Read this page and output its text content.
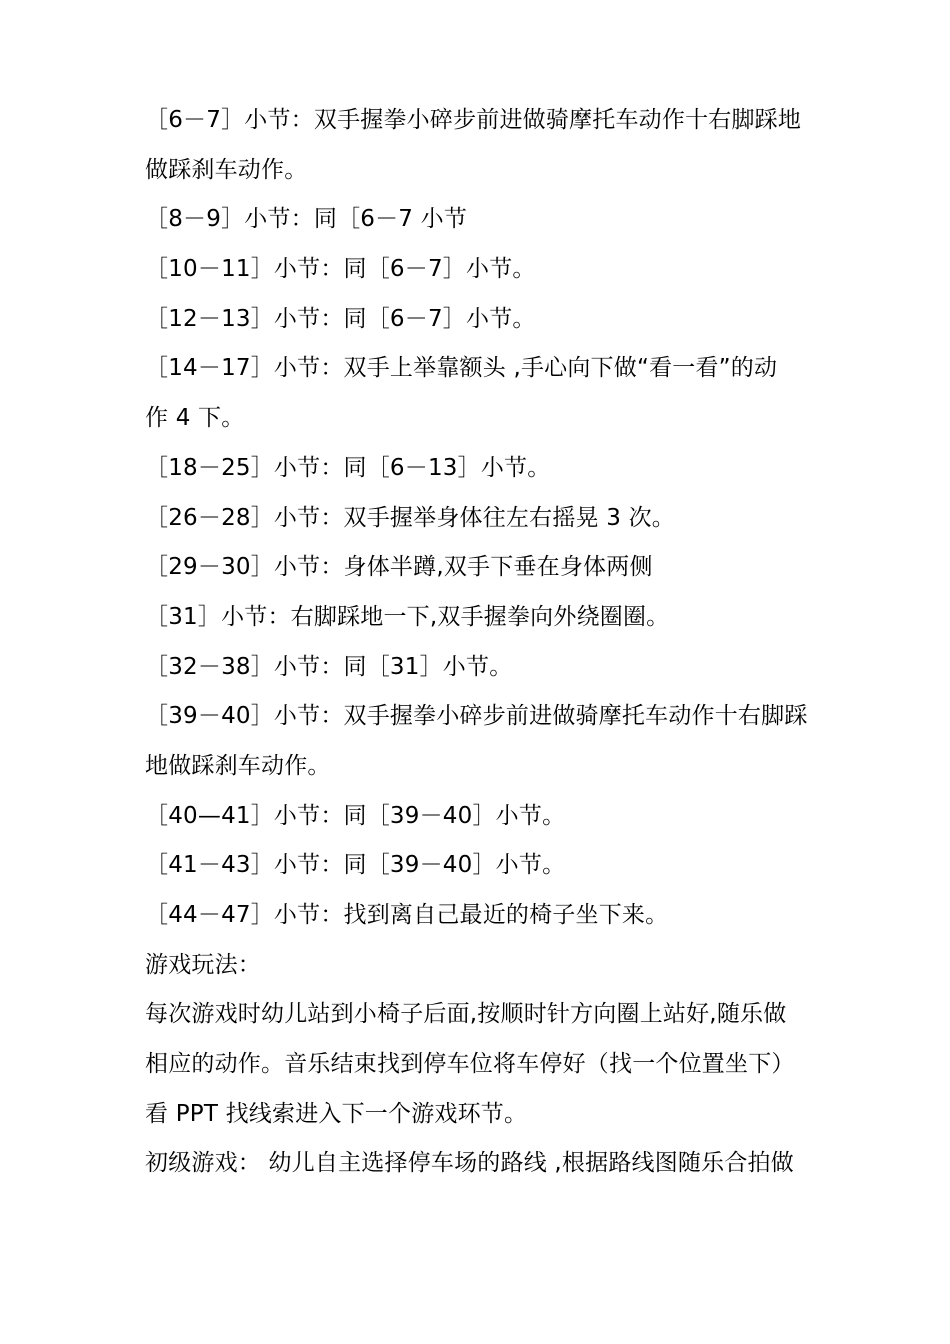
［6－7］小节：双手握拳小碎步前进做骑摩托车动作十右脚踩地
做踩刹车动作。
［8－9］小节：同［6－7 小节
［10－11］小节：同［6－7］小节。
［12－13］小节：同［6－7］小节。
［14－17］小节：双手上举靠额头 ,手心向下做“看一看”的动
作 4 下。
［18－25］小节：同［6－13］小节。
［26－28］小节：双手握举身体往左右摇晃 3 次。
［29－30］小节：身体半蹲,双手下垂在身体两侧
［31］小节：右脚踩地一下,双手握拳向外绕圈圈。
［32－38］小节：同［31］小节。
［39－40］小节：双手握拳小碎步前进做骑摩托车动作十右脚踩
地做踩刹车动作。
［40—41］小节：同［39－40］小节。
［41－43］小节：同［39－40］小节。
［44－47］小节：找到离自己最近的椅子坐下来。
游戏玩法：
每次游戏时幼儿站到小椅子后面,按顺时针方向圈上站好,随乐做
相应的动作。音乐结束找到停车位将车停好（找一个位置坐下）
看 PPT 找线索进入下一个游戏环节。
初级游戏： 幼儿自主选择停车场的路线 ,根据路线图随乐合拍做
